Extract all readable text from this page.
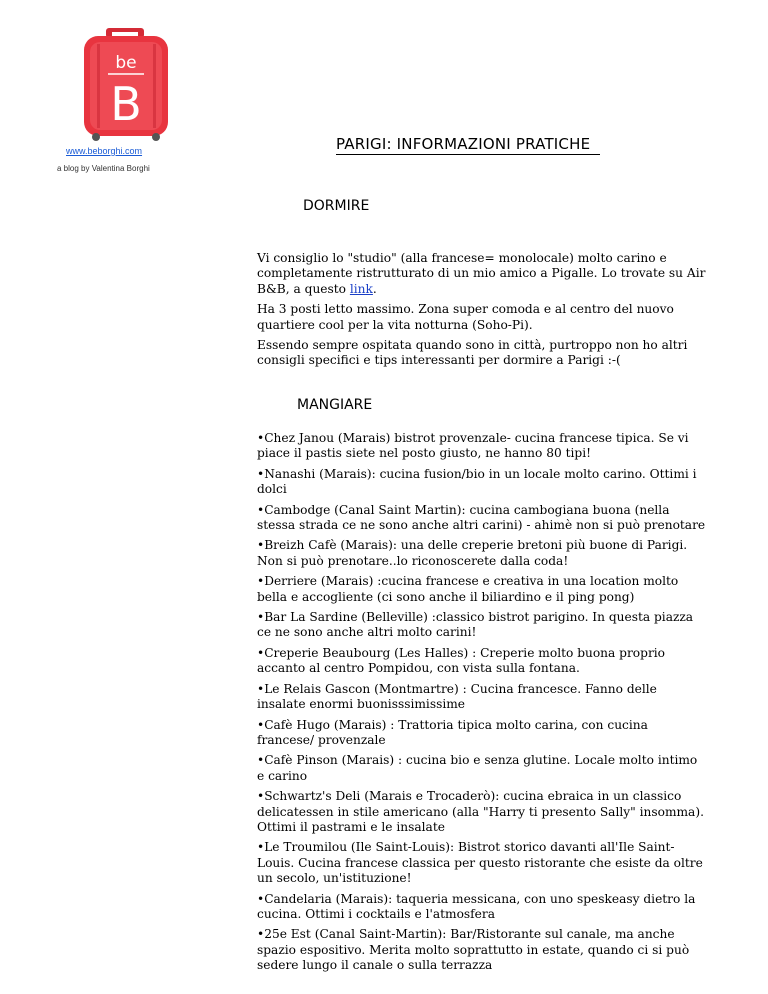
be
B
www.beborghi.com
a blog by Valentina Borghi
PARIGI: INFORMAZIONI PRATICHE
DORMIRE

Vi consiglio lo "studio" (alla francese= monolocale) molto carino e completamente ristrutturato di un mio amico a Pigalle. Lo trovate su Air B&B, a questo link.

Ha 3 posti letto massimo. Zona super comoda e al centro del nuovo quartiere cool per la vita notturna (Soho-Pi).

Essendo sempre ospitata quando sono in città, purtroppo non ho altri consigli specifici e tips interessanti per dormire a Parigi :-(

MANGIARE

•Chez Janou (Marais) bistrot provenzale- cucina francese tipica. Se vi piace il pastis siete nel posto giusto, ne hanno 80 tipi!

•Nanashi (Marais): cucina fusion/bio in un locale molto carino. Ottimi i dolci

•Cambodge (Canal Saint Martin): cucina cambogiana buona (nella stessa strada ce ne sono anche altri carini) - ahimè non si può prenotare

•Breizh Cafè (Marais): una delle creperie bretoni più buone di Parigi. Non si può prenotare..lo riconoscerete dalla coda!

•Derriere (Marais) :cucina francese e creativa in una location molto bella e accogliente (ci sono anche il biliardino e il ping pong)

•Bar La Sardine (Belleville) :classico bistrot parigino. In questa piazza ce ne sono anche altri molto carini!

•Creperie Beaubourg (Les Halles) : Creperie molto buona proprio accanto al centro Pompidou, con vista sulla fontana.

•Le Relais Gascon (Montmartre) : Cucina francesce. Fanno delle insalate enormi buonisssimissime

•Cafè Hugo (Marais) : Trattoria tipica molto carina, con cucina francese/ provenzale

•Cafè Pinson (Marais) : cucina bio e senza glutine. Locale molto intimo e carino

•Schwartz's Deli (Marais e Trocaderò): cucina ebraica in un classico delicatessen in stile americano (alla "Harry ti presento Sally" insomma). Ottimi il pastrami e le insalate

•Le Troumilou (Ile Saint-Louis): Bistrot storico davanti all'Ile Saint-Louis. Cucina francese classica per questo ristorante che esiste da oltre un secolo, un'istituzione!

•Candelaria (Marais): taqueria messicana, con uno speskeasy dietro la cucina. Ottimi i cocktails e l'atmosfera

•25e Est (Canal Saint-Martin): Bar/Ristorante sul canale, ma anche spazio espositivo. Merita molto soprattutto in estate, quando ci si può sedere lungo il canale o sulla terrazza
